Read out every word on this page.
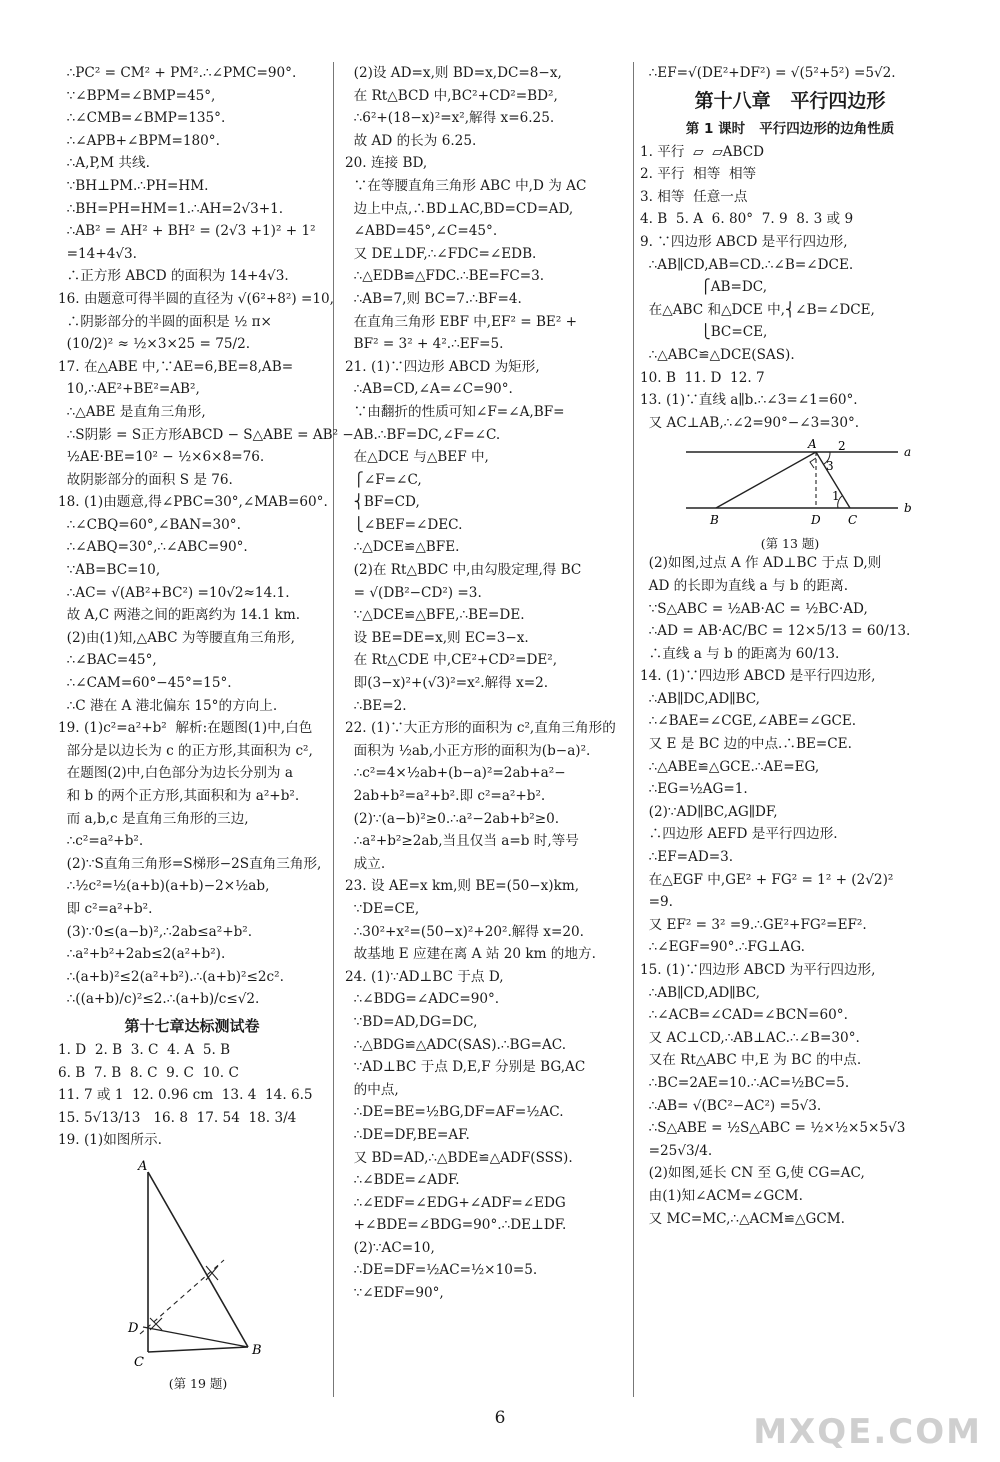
∴PC² = CM² + PM².∴∠PMC=90°.
∵∠BPM=∠BMP=45°,
∴∠CMB=∠BMP=135°.
∴∠APB+∠BPM=180°.
∴A,P,M 共线.
∵BH⊥PM.∴PH=HM.
∴BH=PH=HM=1.∴AH=2√3+1.
∴AB² = AH² + BH² = (2√3 +1)² + 1²
=14+4√3.
∴正方形 ABCD 的面积为 14+4√3.
16. 由题意可得半圆的直径为 √(6²+8²) =10,
∴阴影部分的半圆的面积是 ½ π×
(10/2)² ≈ ½×3×25 = 75/2.
17. 在△ABE 中,∵AE=6,BE=8,AB=
10,∴AE²+BE²=AB²,
∴△ABE 是直角三角形,
∴S阴影 = S正方形ABCD − S△ABE = AB² −
½AE·BE=10² − ½×6×8=76.
故阴影部分的面积 S 是 76.
18. (1)由题意,得∠PBC=30°,∠MAB=60°.
∴∠CBQ=60°,∠BAN=30°.
∴∠ABQ=30°,∴∠ABC=90°.
∵AB=BC=10,
∴AC= √(AB²+BC²) =10√2≈14.1.
故 A,C 两港之间的距离约为 14.1 km.
(2)由(1)知,△ABC 为等腰直角三角形,
∴∠BAC=45°,
∴∠CAM=60°−45°=15°.
∴C 港在 A 港北偏东 15°的方向上.
19. (1)c²=a²+b²  解析:在题图(1)中,白色
部分是以边长为 c 的正方形,其面积为 c²,
在题图(2)中,白色部分为边长分别为 a
和 b 的两个正方形,其面积和为 a²+b².
而 a,b,c 是直角三角形的三边,
∴c²=a²+b².
(2)∵S直角三角形=S梯形−2S直角三角形,
∴½c²=½(a+b)(a+b)−2×½ab,
即 c²=a²+b².
(3)∵0≤(a−b)²,∴2ab≤a²+b².
∴a²+b²+2ab≤2(a²+b²).
∴(a+b)²≤2(a²+b²).∴(a+b)²≤2c².
∴((a+b)/c)²≤2.∴(a+b)/c≤√2.
第十七章达标测试卷
1. D  2. B  3. C  4. A  5. B
6. B  7. B  8. C  9. C  10. C
11. 7 或 1  12. 0.96 cm  13. 4  14. 6.5
15. 5√13/13   16. 8  17. 54  18. 3/4
19. (1)如图所示.
A
B
C
D
(第 19 题)
(2)设 AD=x,则 BD=x,DC=8−x,
在 Rt△BCD 中,BC²+CD²=BD²,
∴6²+(18−x)²=x²,解得 x=6.25.
故 AD 的长为 6.25.
20. 连接 BD,
∵在等腰直角三角形 ABC 中,D 为 AC
边上中点,∴BD⊥AC,BD=CD=AD,
∠ABD=45°,∠C=45°.
又 DE⊥DF,∴∠FDC=∠EDB.
∴△EDB≌△FDC.∴BE=FC=3.
∴AB=7,则 BC=7.∴BF=4.
在直角三角形 EBF 中,EF² = BE² +
BF² = 3² + 4².∴EF=5.
21. (1)∵四边形 ABCD 为矩形,
∴AB=CD,∠A=∠C=90°.
∵由翻折的性质可知∠F=∠A,BF=
AB.∴BF=DC,∠F=∠C.
在△DCE 与△BEF 中,
⎧∠F=∠C,
⎨BF=CD,
⎩∠BEF=∠DEC.
∴△DCE≌△BFE.
(2)在 Rt△BDC 中,由勾股定理,得 BC
= √(DB²−CD²) =3.
∵△DCE≌△BFE,∴BE=DE.
设 BE=DE=x,则 EC=3−x.
在 Rt△CDE 中,CE²+CD²=DE²,
即(3−x)²+(√3)²=x².解得 x=2.
∴BE=2.
22. (1)∵大正方形的面积为 c²,直角三角形的
面积为 ½ab,小正方形的面积为(b−a)².
∴c²=4×½ab+(b−a)²=2ab+a²−
2ab+b²=a²+b².即 c²=a²+b².
(2)∵(a−b)²≥0.∴a²−2ab+b²≥0.
∴a²+b²≥2ab,当且仅当 a=b 时,等号
成立.
23. 设 AE=x km,则 BE=(50−x)km,
∵DE=CE,
∴30²+x²=(50−x)²+20².解得 x=20.
故基地 E 应建在离 A 站 20 km 的地方.
24. (1)∵AD⊥BC 于点 D,
∴∠BDG=∠ADC=90°.
∵BD=AD,DG=DC,
∴△BDG≌△ADC(SAS).∴BG=AC.
∵AD⊥BC 于点 D,E,F 分别是 BG,AC
的中点,
∴DE=BE=½BG,DF=AF=½AC.
∴DE=DF,BE=AF.
又 BD=AD,∴△BDE≌△ADF(SSS).
∴∠BDE=∠ADF.
∴∠EDF=∠EDG+∠ADF=∠EDG
+∠BDE=∠BDG=90°.∴DE⊥DF.
(2)∵AC=10,
∴DE=DF=½AC=½×10=5.
∵∠EDF=90°,
∴EF=√(DE²+DF²) = √(5²+5²) =5√2.
第十八章   平行四边形
第 1 课时   平行四边形的边角性质
1. 平行  ▱  ▱ABCD
2. 平行  相等  相等
3. 相等  任意一点
4. B  5. A  6. 80°  7. 9  8. 3 或 9
9. ∵四边形 ABCD 是平行四边形,
∴AB∥CD,AB=CD.∴∠B=∠DCE.
⎧AB=DC,
在△ABC 和△DCE 中,⎨∠B=∠DCE,
⎩BC=CE,
∴△ABC≌△DCE(SAS).
10. B  11. D  12. 7
13. (1)∵直线 a∥b.∴∠3=∠1=60°.
又 AC⊥AB,∴∠2=90°−∠3=30°.
A 2	a
3
1
b
B	D C
(第 13 题)
(2)如图,过点 A 作 AD⊥BC 于点 D,则
AD 的长即为直线 a 与 b 的距离.
∵S△ABC = ½AB·AC = ½BC·AD,
∴AD = AB·AC/BC = 12×5/13 = 60/13.
∴直线 a 与 b 的距离为 60/13.
14. (1)∵四边形 ABCD 是平行四边形,
∴AB∥DC,AD∥BC,
∴∠BAE=∠CGE,∠ABE=∠GCE.
又 E 是 BC 边的中点.∴BE=CE.
∴△ABE≌△GCE.∴AE=EG,
∴EG=½AG=1.
(2)∵AD∥BC,AG∥DF,
∴四边形 AEFD 是平行四边形.
∴EF=AD=3.
在△EGF 中,GE² + FG² = 1² + (2√2)²
=9.
又 EF² = 3² =9.∴GE²+FG²=EF².
∴∠EGF=90°.∴FG⊥AG.
15. (1)∵四边形 ABCD 为平行四边形,
∴AB∥CD,AD∥BC,
∴∠ACB=∠CAD=∠BCN=60°.
又 AC⊥CD,∴AB⊥AC.∴∠B=30°.
又在 Rt△ABC 中,E 为 BC 的中点.
∴BC=2AE=10.∴AC=½BC=5.
∴AB= √(BC²−AC²) =5√3.
∴S△ABE = ½S△ABC = ½×½×5×5√3
=25√3/4.
(2)如图,延长 CN 至 G,使 CG=AC,
由(1)知∠ACM=∠GCM.
又 MC=MC,∴△ACM≌△GCM.
6	MXQE.COM
